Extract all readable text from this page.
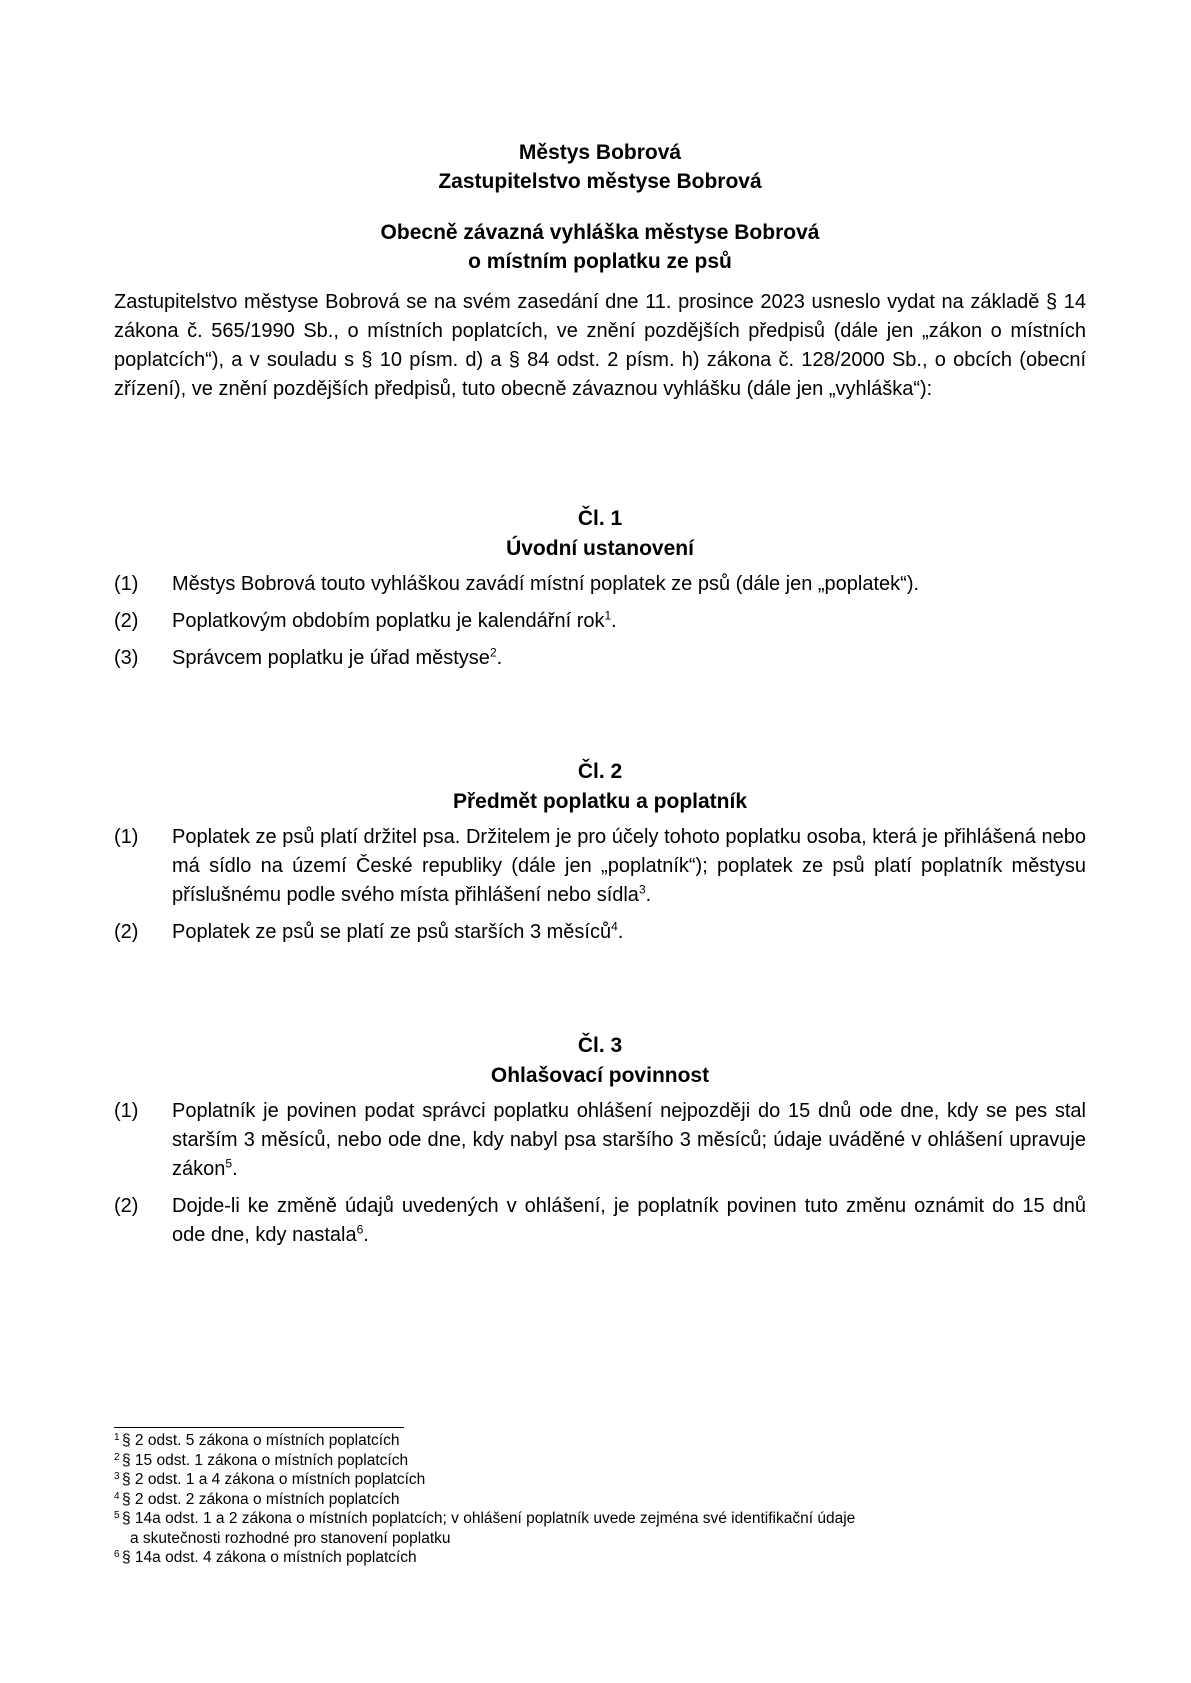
Městys Bobrová
Zastupitelstvo městyse Bobrová
Obecně závazná vyhláška městyse Bobrová
o místním poplatku ze psů
Zastupitelstvo městyse Bobrová se na svém zasedání dne 11. prosince 2023 usneslo vydat na základě § 14 zákona č. 565/1990 Sb., o místních poplatcích, ve znění pozdějších předpisů (dále jen „zákon o místních poplatcích“), a v souladu s § 10 písm. d) a § 84 odst. 2 písm. h) zákona č. 128/2000 Sb., o obcích (obecní zřízení), ve znění pozdějších předpisů, tuto obecně závaznou vyhlášku (dále jen „vyhláška“):
Čl. 1
Úvodní ustanovení
(1)	Městys Bobrová touto vyhláškou zavádí místní poplatek ze psů (dále jen „poplatek“).
(2)	Poplatkovým obdobím poplatku je kalendářní rok$^1$.
(3)	Správcem poplatku je úřad městyse$^2$.
Čl. 2
Předmět poplatku a poplatník
(1)	Poplatek ze psů platí držitel psa. Držitelem je pro účely tohoto poplatku osoba, která je přihlášená nebo má sídlo na území České republiky (dále jen „poplatník“); poplatek ze psů platí poplatník městysu příslušnému podle svého místa přihlášení nebo sídla$^3$.
(2)	Poplatek ze psů se platí ze psů starších 3 měsíců$^4$.
Čl. 3
Ohlašovací povinnost
(1)	Poplatník je povinen podat správci poplatku ohlášení nejpozději do 15 dnů ode dne, kdy se pes stal starším 3 měsíců, nebo ode dne, kdy nabyl psa staršího 3 měsíců; údaje uváděné v ohlášení upravuje zákon$^5$.
(2)	Dojde-li ke změně údajů uvedených v ohlášení, je poplatník povinen tuto změnu oznámit do 15 dnů ode dne, kdy nastala$^6$.
1 § 2 odst. 5 zákona o místních poplatcích
2 § 15 odst. 1 zákona o místních poplatcích
3 § 2 odst. 1 a 4 zákona o místních poplatcích
4 § 2 odst. 2 zákona o místních poplatcích
5 § 14a odst. 1 a 2 zákona o místních poplatcích; v ohlášení poplatník uvede zejména své identifikační údaje
a skutečnosti rozhodné pro stanovení poplatku
6 § 14a odst. 4 zákona o místních poplatcích
